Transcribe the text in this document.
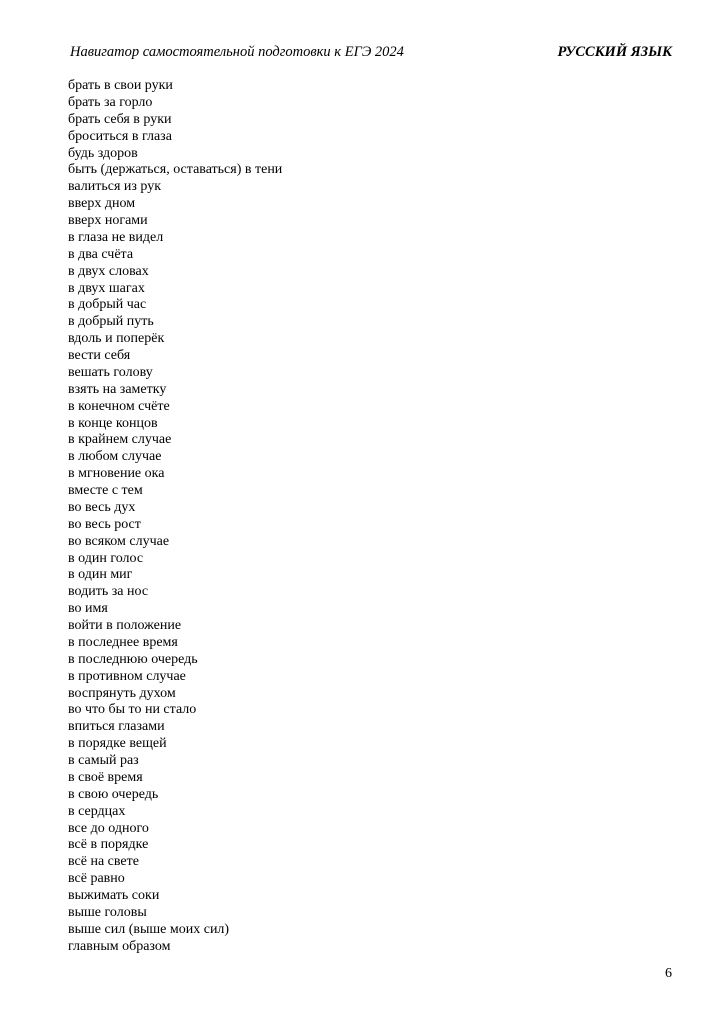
Навигатор самостоятельной подготовки к ЕГЭ 2024	РУССКИЙ ЯЗЫК
брать в свои руки
брать за горло
брать себя в руки
броситься в глаза
будь здоров
быть (держаться, оставаться) в тени
валиться из рук
вверх дном
вверх ногами
в глаза не видел
в два счёта
в двух словах
в двух шагах
в добрый час
в добрый путь
вдоль и поперёк
вести себя
вешать голову
взять на заметку
в конечном счёте
в конце концов
в крайнем случае
в любом случае
в мгновение ока
вместе с тем
во весь дух
во весь рост
во всяком случае
в один голос
в один миг
водить за нос
во имя
войти в положение
в последнее время
в последнюю очередь
в противном случае
воспрянуть духом
во что бы то ни стало
впиться глазами
в порядке вещей
в самый раз
в своё время
в свою очередь
в сердцах
все до одного
всё в порядке
всё на свете
всё равно
выжимать соки
выше головы
выше сил (выше моих сил)
главным образом
6
